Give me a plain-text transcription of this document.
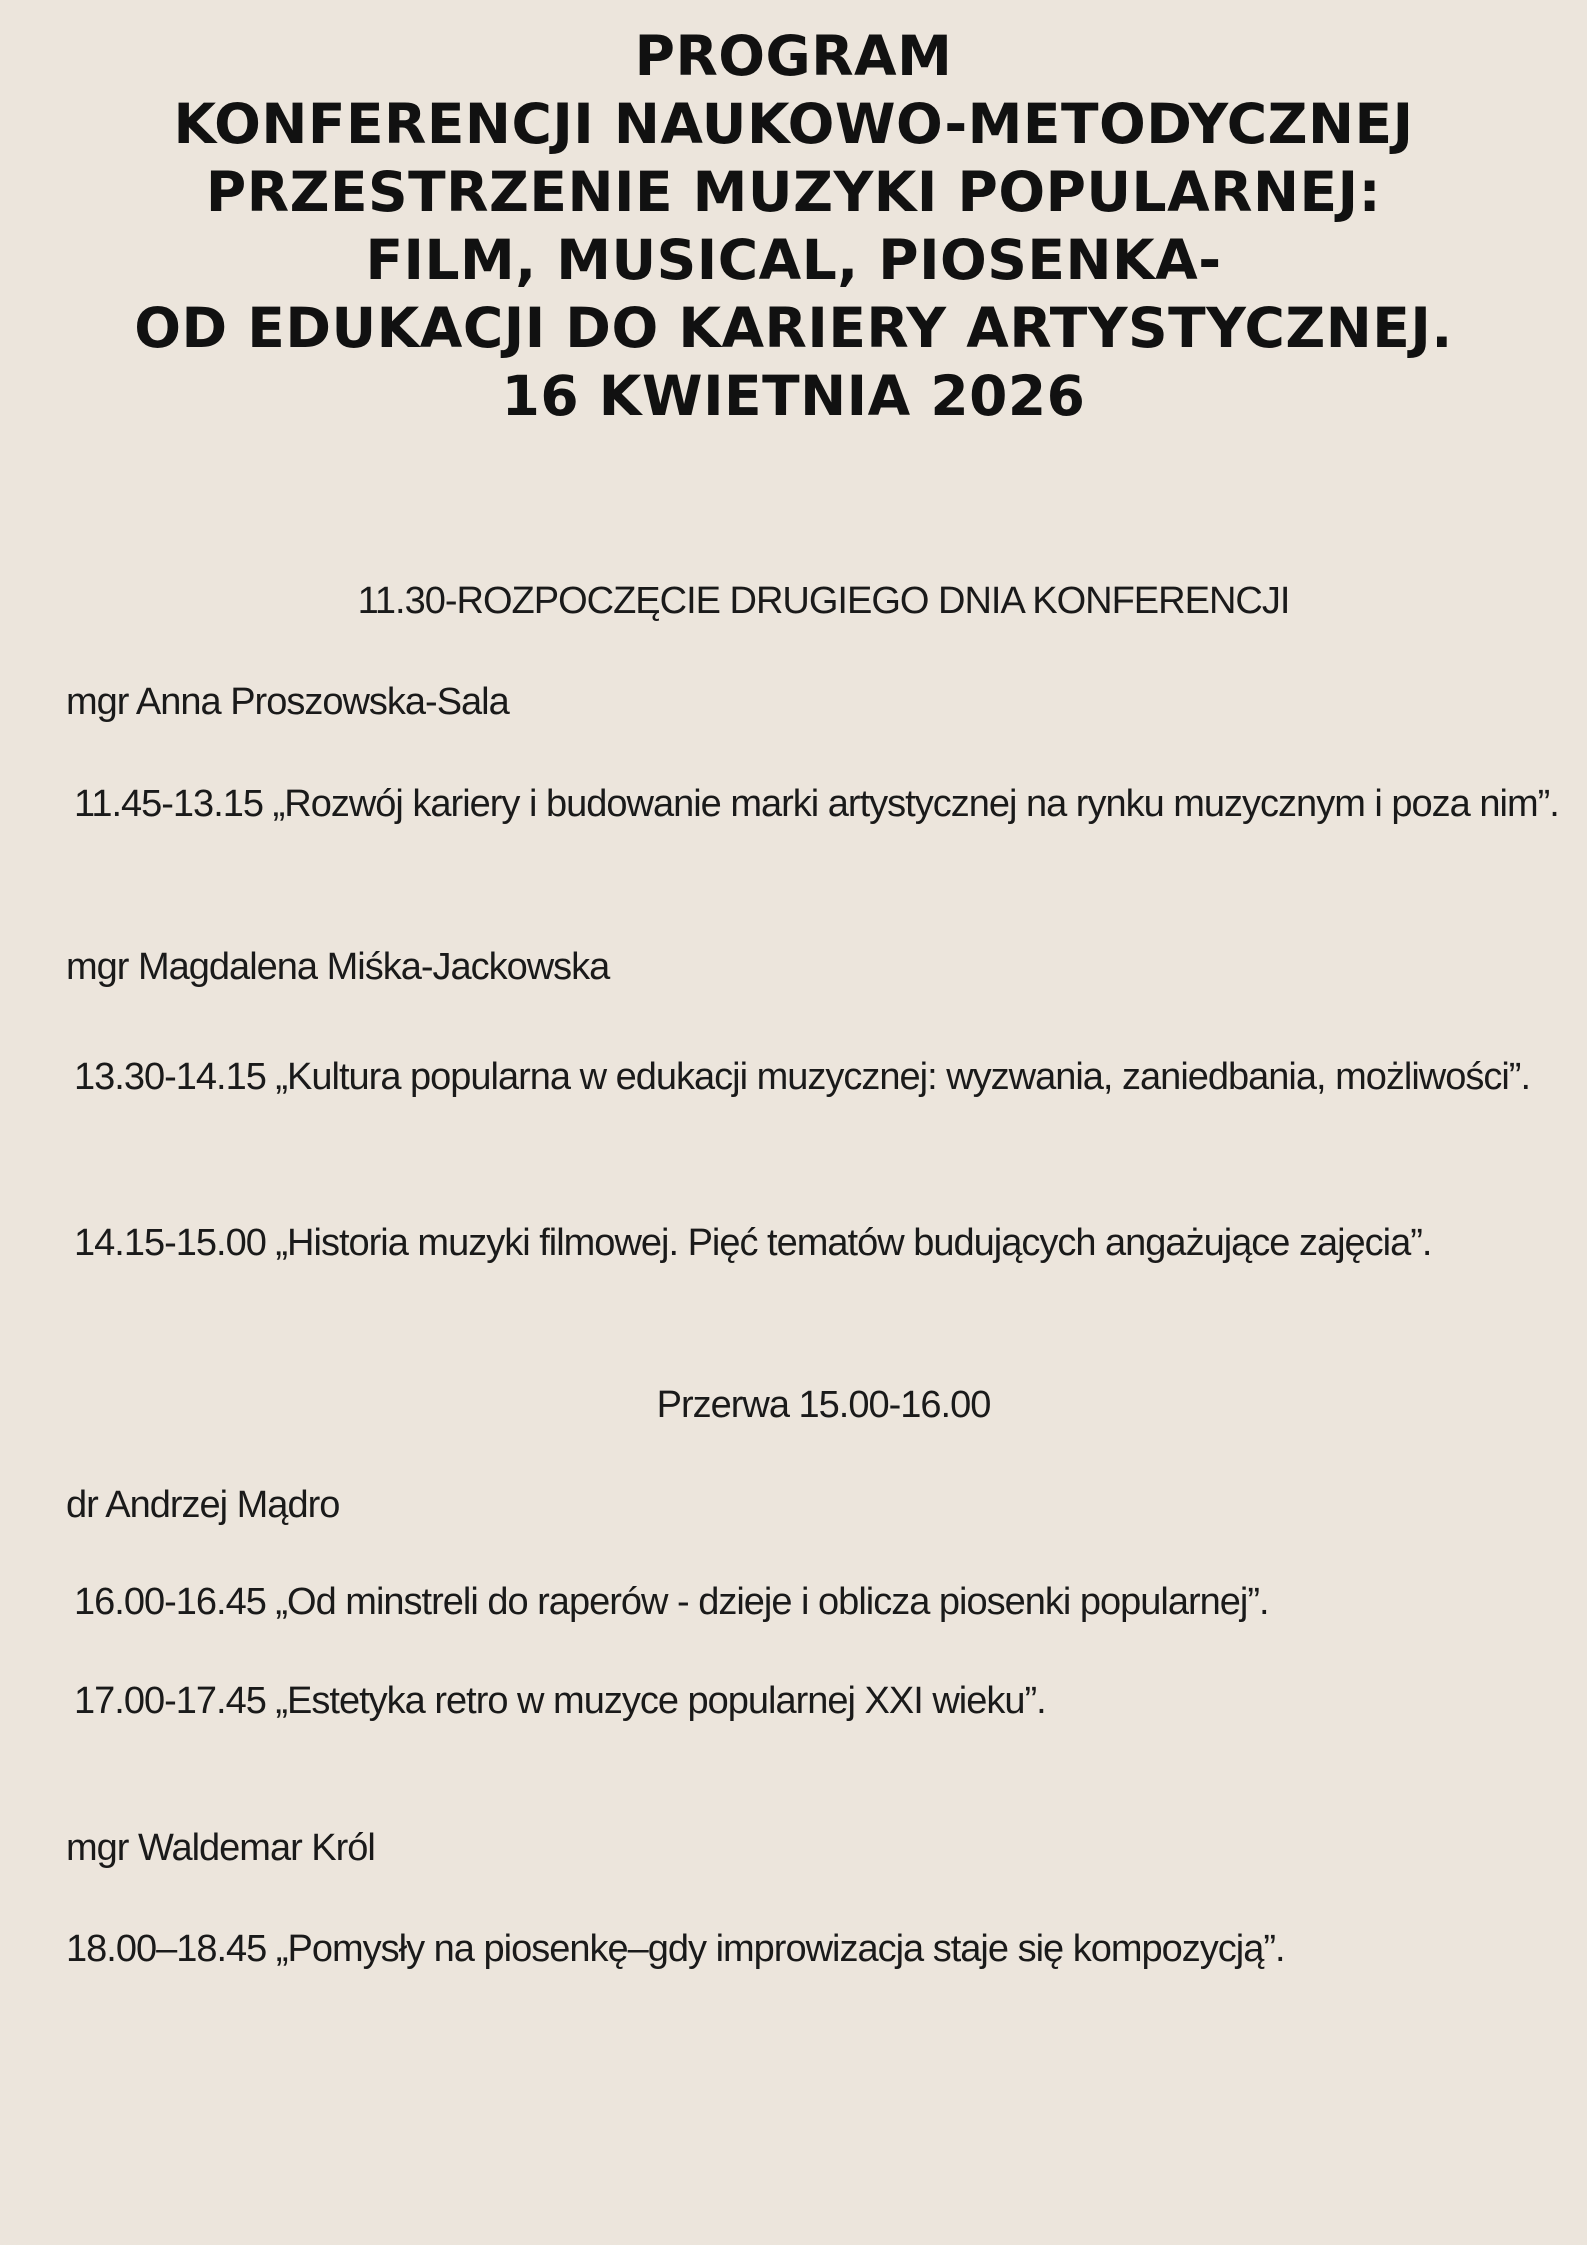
PROGRAM
KONFERENCJI NAUKOWO-METODYCZNEJ
PRZESTRZENIE MUZYKI POPULARNEJ:
FILM, MUSICAL, PIOSENKA-
OD EDUKACJI DO KARIERY ARTYSTYCZNEJ.
16 KWIETNIA 2026
11.30-ROZPOCZĘCIE DRUGIEGO DNIA KONFERENCJI
mgr Anna Proszowska-Sala
11.45-13.15 „Rozwój kariery i budowanie marki artystycznej na rynku muzycznym i poza nim”.
mgr Magdalena Miśka-Jackowska
13.30-14.15 „Kultura popularna w edukacji muzycznej: wyzwania, zaniedbania, możliwości”.
14.15-15.00 „Historia muzyki filmowej. Pięć tematów budujących angażujące zajęcia”.
Przerwa 15.00-16.00
dr Andrzej Mądro
16.00-16.45 „Od minstreli do raperów - dzieje i oblicza piosenki popularnej”.
17.00-17.45 „Estetyka retro w muzyce popularnej XXI wieku”.
mgr Waldemar Król
18.00–18.45 „Pomysły na piosenkę–gdy improwizacja staje się kompozycją”.
